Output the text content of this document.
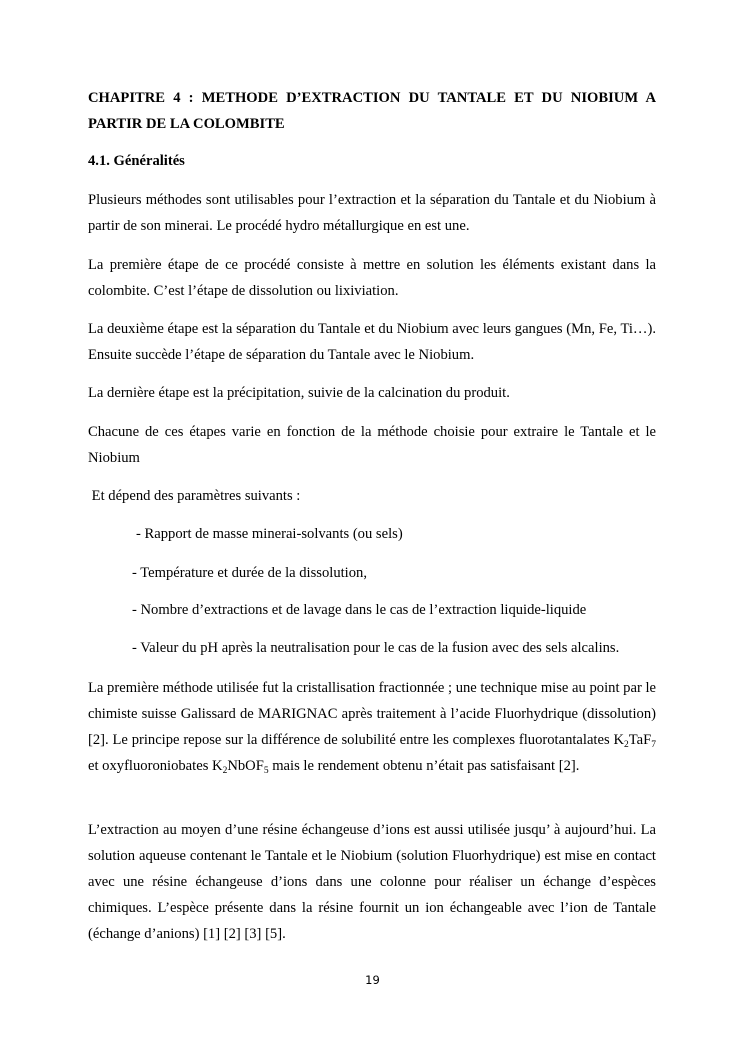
CHAPITRE 4 : METHODE D’EXTRACTION DU TANTALE ET DU NIOBIUM A PARTIR DE LA COLOMBITE
4.1. Généralités
Plusieurs méthodes sont utilisables pour l’extraction et la séparation du Tantale et du Niobium à partir de son minerai. Le procédé hydro métallurgique en est une.
La première étape de ce procédé consiste à mettre en solution les éléments existant dans la colombite. C’est l’étape de dissolution ou lixiviation.
La deuxième étape est la séparation du Tantale et du Niobium avec leurs gangues (Mn, Fe, Ti…). Ensuite succède l’étape de séparation du Tantale avec le Niobium.
La dernière étape est la précipitation, suivie de la calcination du produit.
Chacune de ces étapes varie en fonction de la méthode choisie pour extraire le Tantale et le Niobium
Et dépend des paramètres suivants :
- Rapport de masse minerai-solvants (ou sels)
- Température et durée de la dissolution,
- Nombre d’extractions et de lavage dans le cas de l’extraction liquide-liquide
- Valeur du pH après la neutralisation pour le cas de la fusion avec des sels alcalins.
La première méthode utilisée fut la cristallisation fractionnée ; une technique mise au point par le chimiste suisse Galissard de MARIGNAC après traitement à l’acide Fluorhydrique (dissolution) [2]. Le principe repose sur la différence de solubilité entre les complexes fluorotantalates $K_2TaF_7$ et oxyfluoroniobates $K_2NbOF_5$ mais le rendement obtenu n’était pas satisfaisant [2].
L’extraction au moyen d’une résine échangeuse d’ions est aussi utilisée jusqu’ à aujourd’hui. La solution aqueuse contenant le Tantale et le Niobium (solution Fluorhydrique) est mise en contact avec une résine échangeuse d’ions dans une colonne pour réaliser un échange d’espèces chimiques. L’espèce présente dans la résine fournit un ion échangeable avec l’ion de Tantale (échange d’anions) [1] [2] [3] [5].
19
